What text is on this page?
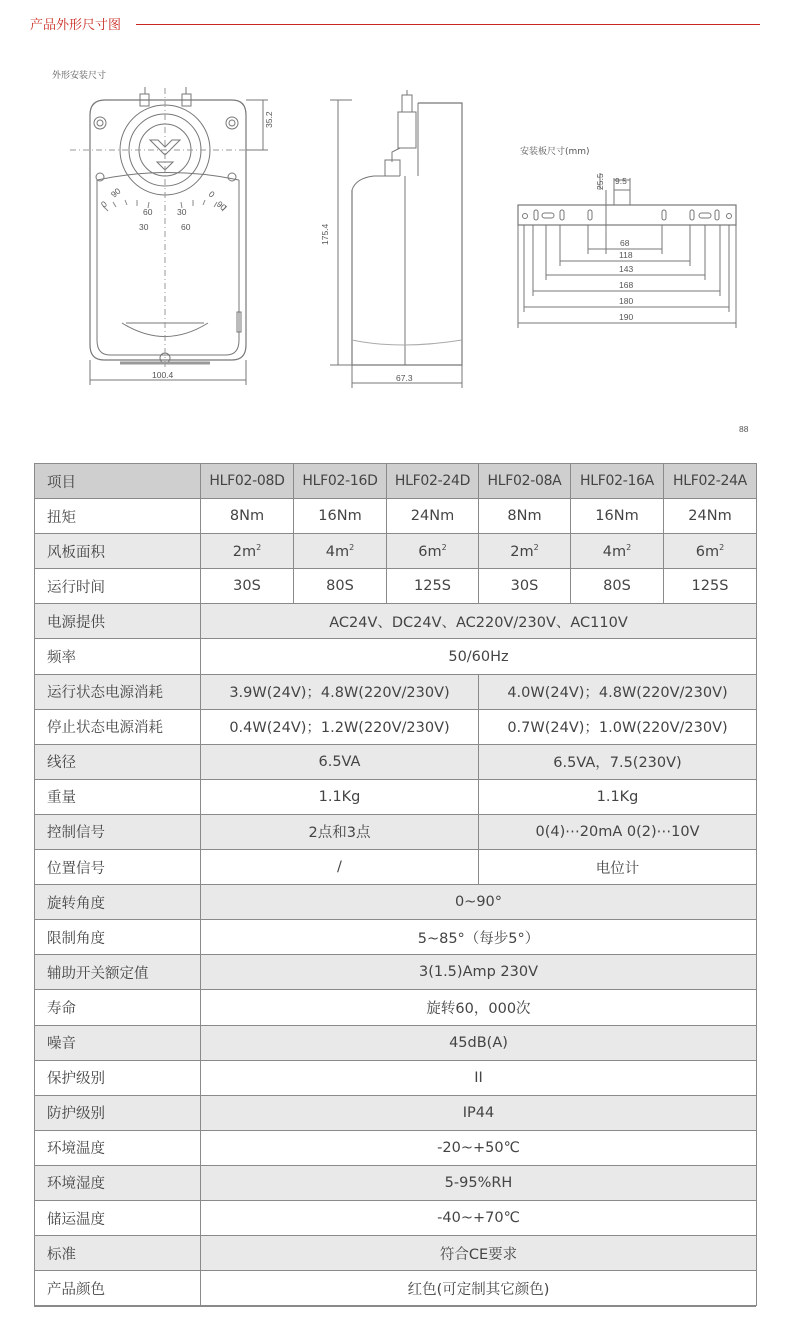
产品外形尺寸图
外形安装尺寸
35.2
100.4
175.4
67.3
90
0
60
30
30
60
0
90
安装板尺寸(mm)
25.5 9.5
68
118
143
168
180
190
88
项目	HLF02-08D	HLF02-16D	HLF02-24D	HLF02-08A	HLF02-16A	HLF02-24A
扭矩	8Nm	16Nm	24Nm	8Nm	16Nm	24Nm
风板面积	$2m^2$	$4m^2$	$6m^2$	$2m^2$	$4m^2$	$6m^2$
运行时间	30S	80S	125S	30S	80S	125S
电源提供	AC24V、DC24V、AC220V/230V、AC110V					
频率	50/60Hz					
运行状态电源消耗	3.9W(24V)；4.8W(220V/230V)			4.0W(24V)；4.8W(220V/230V)		
停止状态电源消耗	0.4W(24V)；1.2W(220V/230V)			0.7W(24V)；1.0W(220V/230V)		
线径	6.5VA			6.5VA，7.5(230V)		
重量	1.1Kg			1.1Kg		
控制信号	2点和3点			0(4)⋯20mA 0(2)⋯10V		
位置信号	/			电位计		
旋转角度	0~90°					
限制角度	5~85°（每步5°）					
辅助开关额定值	3(1.5)Amp 230V					
寿命	旋转60，000次					
噪音	45dB(A)					
保护级别	II					
防护级别	IP44					
环境温度	-20~+50℃					
环境湿度	5-95%RH					
储运温度	-40~+70℃					
标准	符合CE要求					
产品颜色	红色(可定制其它颜色)					
